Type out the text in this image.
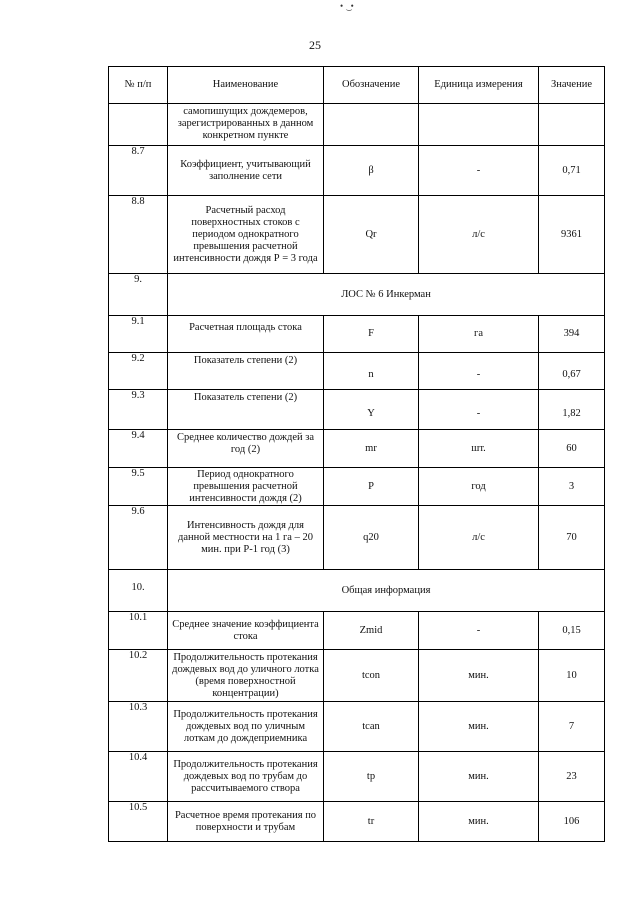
• ͜ •
25
№ п/п	Наименование	Обозначение	Единица измерения	Значение
	самопишущих дождемеров, зарегистрированных в данном конкретном пункте			
8.7	Коэффициент, учитывающий заполнение сети	β	-	0,71
8.8	Расчетный расход поверхностных стоков с периодом однократного превышения расчетной интенсивности дождя Р = 3 года	Qr	л/с	9361
9.	ЛОС № 6 Инкерман			
9.1	Расчетная площадь стока	F	га	394
9.2	Показатель степени (2)	n	-	0,67
9.3	Показатель степени (2)	Y	-	1,82
9.4	Среднее количество дождей за год (2)	mr	шт.	60
9.5	Период однократного превышения расчетной интенсивности дождя (2)	P	год	3
9.6	Интенсивность дождя для данной местности на 1 га – 20 мин. при Р-1 год (3)	q20	л/с	70
10.	Общая информация			
10.1	Среднее значение коэффициента стока	Zmid	-	0,15
10.2	Продолжительность протекания дождевых вод до уличного лотка (время поверхностной концентрации)	tcon	мин.	10
10.3	Продолжительность протекания дождевых вод по уличным лоткам до дождеприемника	tcan	мин.	7
10.4	Продолжительность протекания дождевых вод по трубам до рассчитываемого створа	tp	мин.	23
10.5	Расчетное время протекания по поверхности и трубам	tr	мин.	106
